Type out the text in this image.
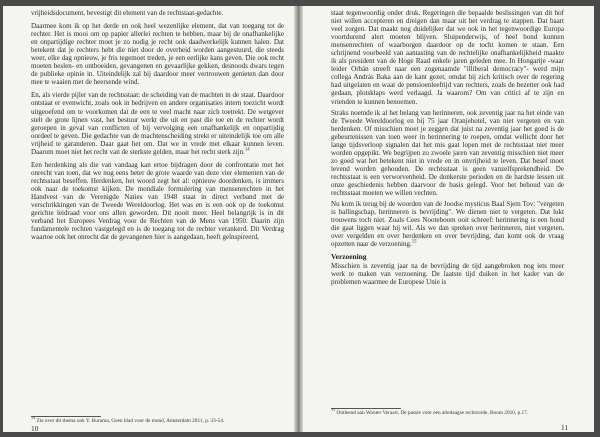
vrijheidsdocument, bevestigt dit element van de rechtstaat-gedachte.

Daarmee kom ik op het derde en ook heel wezenlijke element, dat van toegang tot de rechter. Het is mooi om op papier allerlei rechten te hebben, maar bij de onafhankelijke en onpartijdige rechter moet je zo nodig je recht ook daadwerkelijk kunnen halen. Dat betekent dat je rechters hebt die niet door de overheid worden aangestuurd, die steeds weer, elke dag opnieuw, je fris tegemoet treden, je een eerlijke kans geven. Die ook recht moeten beslen- en ontboeiden, gevangenen en gevaarlijke gekken, desnoods dwars tegen de publieke opinie in. Uiteindelijk zal bij daardoor meer vertrouwen genieten dan door mee te waaien met de heersende wind.

En, als vierde pijler van de rechtsstaat: de scheiding van de machten in de staat. Daardoor ontstaat er evenwicht, zoals ook in bedrijven en andere organisaties intern toezicht wordt uitgeoefend om te voorkomen dat de een te veel macht naar zich toetrekt. De wetgever stelt de grote lijnen vast, het bestuur werkt die uit en past die toe en de rechter wordt geroepen in geval van conflicten of bij vervolging een onafhankelijk en onpartijdig oordeel te geven. Die gedachte van de machtenscheiding strekt er uiteindelijk toe om alle vrijheid te garanderen. Daar gaat het om. Dat we in vrede met elkaar kunnen leven. Daarom moet niet het recht van de sterkste gelden, maar het recht sterk zijn.$^{14}$

Een herdenking als die van vandaag kan ertoe bijdragen door de confrontatie met het onrecht van toen, dat we nog eens beter de grote waarde van deze vier elementen van de rechtsstaat beseffen. Herdenken, het woord zegt het al: opnieuw doordenken, is immers ook naar de toekomst kijken. De mondiale formulering van mensenrechten in het Handvest van de Verenigde Naties van 1948 staat in direct verband met de verschrikkingen van de Tweede Wereldoorlog. Het was en is een ook op de toekomst gerichte leidraad voor ons allen geworden. Dit nooit meer. Heel belangrijk is in dit verband het Europees Verdrag voor de Rechten van de Mens van 1950. Daarin zijn fundamentele rechten vastgelegd en is de toegang tot de rechter verankerd. Dit Verdrag waartoe ook het onrecht dat de gevangenen hier is aangedaan, heeft geïnspireerd,

$^{14}$ Zie over dit thema ook Y. Buruma, Geen blad voor de mond, Amsterdam 2011, p. 33-54.
10

staat tegenwoordig onder druk. Regeringen die bepaalde beslissingen van dit hof niet willen accepteren en dreigen dan maar uit het verdrag te stappen. Dat baart veel zorgen. Dat maakt nog duidelijker dat we ook in het tegenwoordige Europa voortdurend alert moeten blijven. Sluipenderwijs, of heel bond kunnen mensenrechten of waarborgen daardoor op de tocht komen te staan. Een schrijnend voorbeeld van aantasting van de rechtelijke onafhankelijkheid maakte ik als president van de Hoge Raad enkele jaren geleden mee. In Hongarije -waar leider Orbán streeft naar een zogenaamde "illiberal democracy"- werd mijn collega András Baka aan de kant gezet, omdat hij zich kritisch over de regering had uitgelaten en waar de pensioenleeftijd van rechters, zoals de bezetter ook had gedaan, plotsklaps werd verlaagd. Ja waarom? Om van critici af te zijn en vrienden te kunnen benoemen.

Straks noemde ik al het belang van herinneren, ook zeventig jaar na het einde van de Tweede Wereldoorlog en bij 75 jaar Oranjehotel, van niet vergeten en van herdenken. Of misschien moet je zeggen dat juist na zeventig jaar het goed is de gebeurtenissen van toen weer in herinnering te roepen, omdat wellicht door het lange tijdsverloop signalen dat het mis gaat lopen met de rechtsstaat niet meer worden opgepikt. We begrijpen zo zwoele jaren van zeventig misschien niet meer zo goed wat het betekent niet in vrede en in onvrijheid te leven. Dat besef moet levend worden gehouden. De rechtsstaat is geen vanzelfsprekendheid. De rechtsstaat is een verworvenheid. De donkerste perioden en de hardste lessen uit onze geschiedenis hebben daarvoor de basis gelegd. Voor het behoud van de rechtsstaat moeten we willen vechten.

Nu kom ik terug bij de woorden van de Joodse mysticus Baal Sjem Tov: "vergeten is ballingschap, herinneren is bevrijding". We dienen niet te vergeten. Dat lukt trouwens toch niet. Zoals Cees Nooteboom ooit schreef: herinnering is een hond die gaat liggen waar hij wil. Als we dan spreken over herinneren, niet vergeten, over vergelden en over herdenken en over bevrijding, dan komt ook de vraag opzetten naar de verzoening.$^{15}$

Verzoening

Misschien is zeventig jaar na de bevrijding de tijd aangebroken nog iets meer werk te maken van verzoening. De laatste tijd duiken in het kader van de problemen waarmee de Europese Unie is

$^{15}$ Ontleend aan Wouter Veraart, De passie voor een alledaagse rechtsorde, Boom 2010, p.17.
11
